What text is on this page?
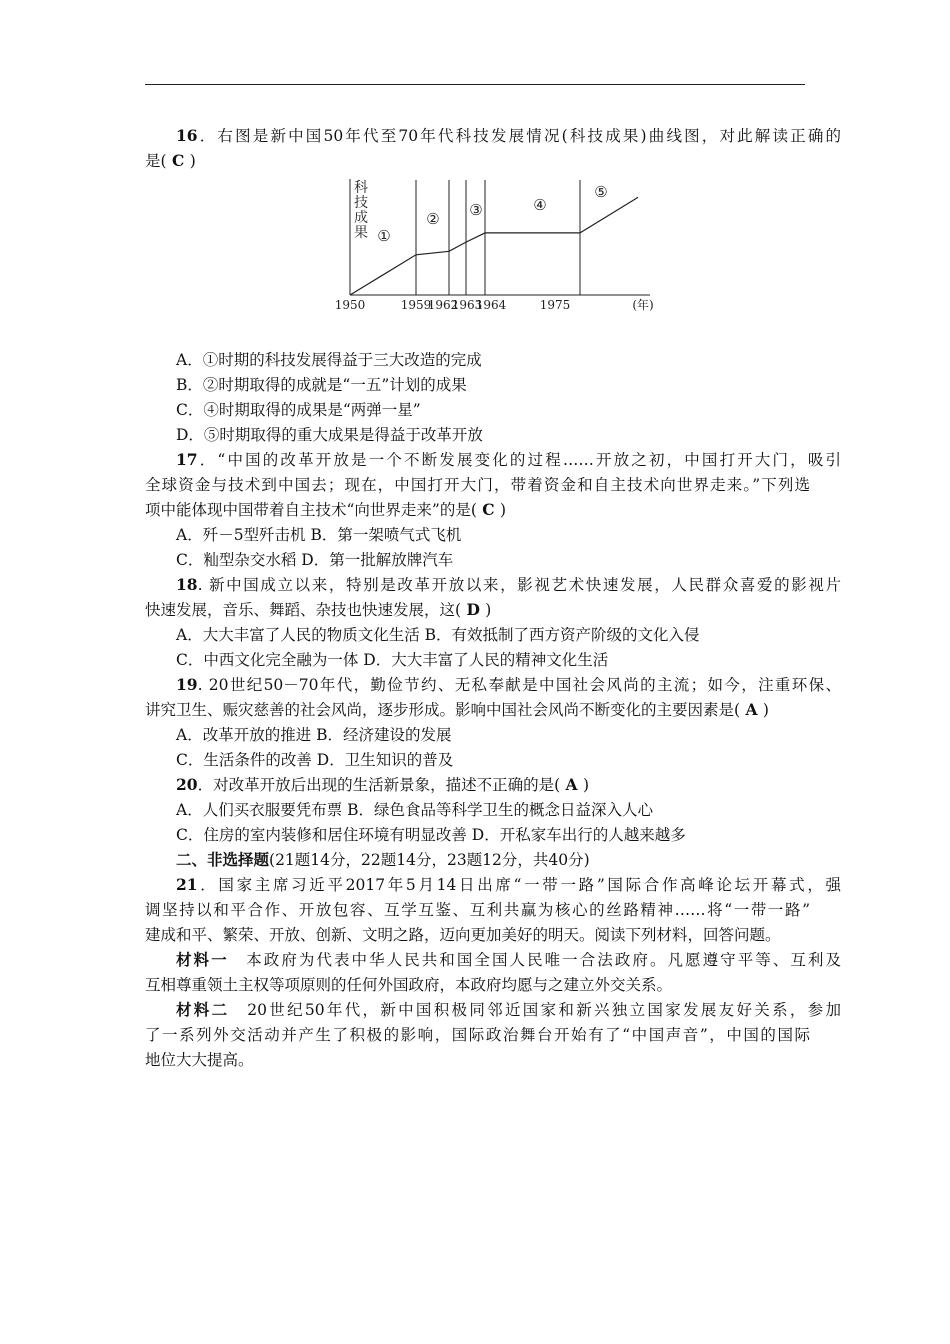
16．右图是新中国50年代至70年代科技发展情况(科技成果)曲线图，对此解读正确的
是( C )
科
技
成
果 ①
② ③	④
⑤
1950	1959
1962
1963
1964	1975	(年)
A．①时期的科技发展得益于三大改造的完成
B．②时期取得的成就是“一五”计划的成果
C．④时期取得的成果是“两弹一星”
D．⑤时期取得的重大成果是得益于改革开放
17．“中国的改革开放是一个不断发展变化的过程……开放之初，中国打开大门，吸引
全球资金与技术到中国去；现在，中国打开大门，带着资金和自主技术向世界走来。”下列选
项中能体现中国带着自主技术“向世界走来”的是( C )
A．歼－5型歼击机 B．第一架喷气式飞机
C．籼型杂交水稻 D．第一批解放牌汽车
18. 新中国成立以来，特别是改革开放以来，影视艺术快速发展，人民群众喜爱的影视片
快速发展，音乐、舞蹈、杂技也快速发展，这( D )
A．大大丰富了人民的物质文化生活 B．有效抵制了西方资产阶级的文化入侵
C．中西文化完全融为一体 D．大大丰富了人民的精神文化生活
19. 20世纪50－70年代，勤俭节约、无私奉献是中国社会风尚的主流；如今，注重环保、
讲究卫生、赈灾慈善的社会风尚，逐步形成。影响中国社会风尚不断变化的主要因素是( A )
A．改革开放的推进 B．经济建设的发展
C．生活条件的改善 D．卫生知识的普及
20．对改革开放后出现的生活新景象，描述不正确的是( A )
A．人们买衣服要凭布票 B．绿色食品等科学卫生的概念日益深入人心
C．住房的室内装修和居住环境有明显改善 D．开私家车出行的人越来越多
二、非选择题(21题14分，22题14分，23题12分，共40分)
21．国家主席习近平2017年5月14日出席“一带一路”国际合作高峰论坛开幕式，强
调坚持以和平合作、开放包容、互学互鉴、互利共赢为核心的丝路精神……将“一带一路”
建成和平、繁荣、开放、创新、文明之路，迈向更加美好的明天。阅读下列材料，回答问题。
材料一　本政府为代表中华人民共和国全国人民唯一合法政府。凡愿遵守平等、互利及
互相尊重领土主权等项原则的任何外国政府，本政府均愿与之建立外交关系。
材料二　20世纪50年代，新中国积极同邻近国家和新兴独立国家发展友好关系，参加
了一系列外交活动并产生了积极的影响，国际政治舞台开始有了“中国声音”，中国的国际
地位大大提高。
